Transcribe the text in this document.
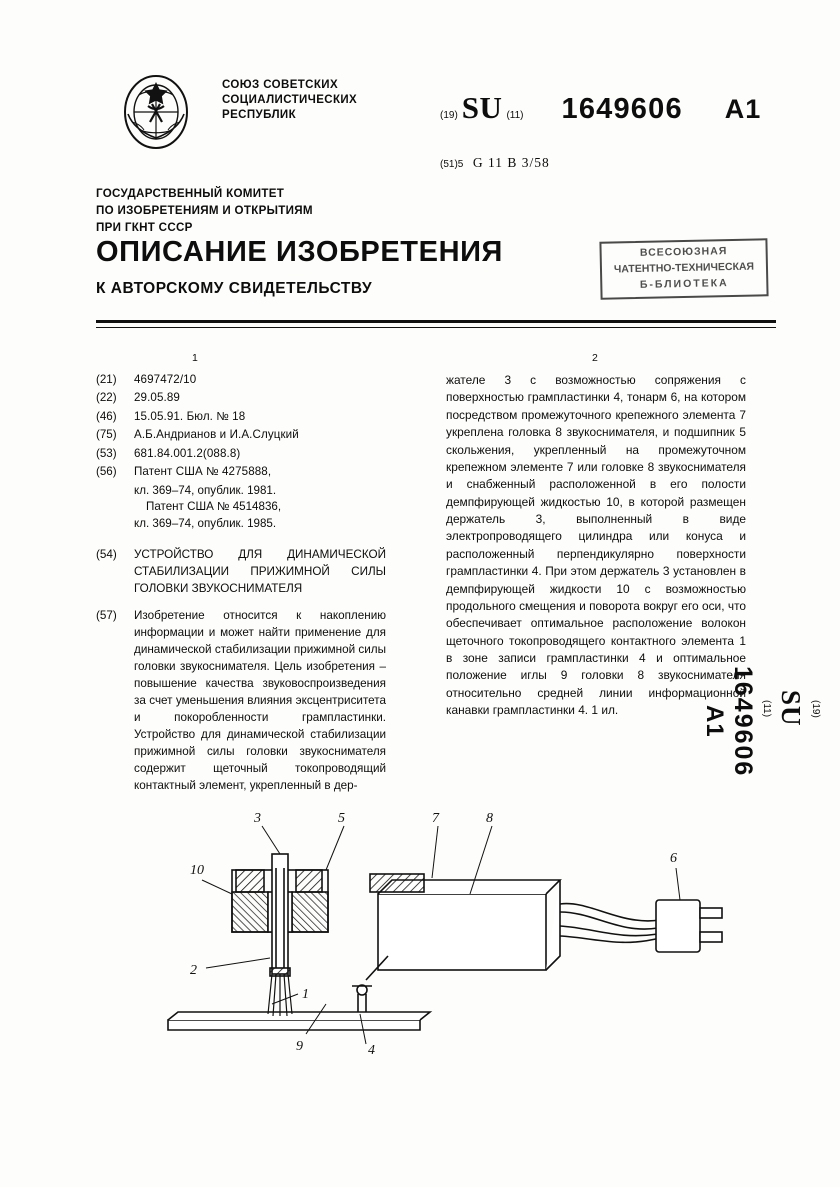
СОЮЗ СОВЕТСКИХ
СОЦИАЛИСТИЧЕСКИХ
РЕСПУБЛИК	(19) SU (11) 1649606 А1
(51)5 G 11 B 3/58
ГОСУДАРСТВЕННЫЙ КОМИТЕТ
ПО ИЗОБРЕТЕНИЯМ И ОТКРЫТИЯМ
ПРИ ГКНТ СССР
ОПИСАНИЕ ИЗОБРЕТЕНИЯ
К АВТОРСКОМУ СВИДЕТЕЛЬСТВУ
ВСЕСОЮЗНАЯ
ЧАТЕНТНО-ТЕХНИЧЕСКАЯ
Б-БЛИОТЕКА
1	2
(21)	4697472/10
(22)	29.05.89
(46)	15.05.91. Бюл. № 18
(75)	А.Б.Андрианов и И.А.Слуцкий
(53)	681.84.001.2(088.8)
(56)	Патент США № 4275888,
кл. 369–74, опублик. 1981.
Патент США № 4514836,
кл. 369–74, опублик. 1985.
(54)	УСТРОЙСТВО ДЛЯ ДИНАМИЧЕСКОЙ СТАБИЛИЗАЦИИ ПРИЖИМНОЙ СИЛЫ ГОЛОВКИ ЗВУКОСНИМАТЕЛЯ
(57)	Изобретение относится к накоплению информации и может найти применение для динамической стабилизации прижимной силы головки звукоснимателя. Цель изобретения – повышение качества звуковоспроизведения за счет уменьшения влияния эксцентриситета и покоробленности грампластинки. Устройство для динамической стабилизации прижимной силы головки звукоснимателя содержит щеточный токопроводящий контактный элемент, укрепленный в дер-
жателе 3 с возможностью сопряжения с поверхностью грампластинки 4, тонарм 6, на котором посредством промежуточного крепежного элемента 7 укреплена головка 8 звукоснимателя, и подшипник 5 скольжения, укрепленный на промежуточном крепежном элементе 7 или головке 8 звукоснимателя и снабженный расположенной в его полости демпфирующей жидкостью 10, в которой размещен держатель 3, выполненный в виде электропроводящего цилиндра или конуса и расположенный перпендикулярно поверхности грампластинки 4. При этом держатель 3 установлен в демпфирующей жидкости 10 с возможностью продольного смещения и поворота вокруг его оси, что обеспечивает оптимальное расположение волокон щеточного токопроводящего контактного элемента 1 в зоне записи грампластинки 4 и оптимальное положение иглы 9 головки 8 звукоснимателя относительно средней линии информационной канавки грампластинки 4. 1 ил.	(19)
SU
(11)
1649606
А1
3	5	7	8
10
2
1
9	4
6
